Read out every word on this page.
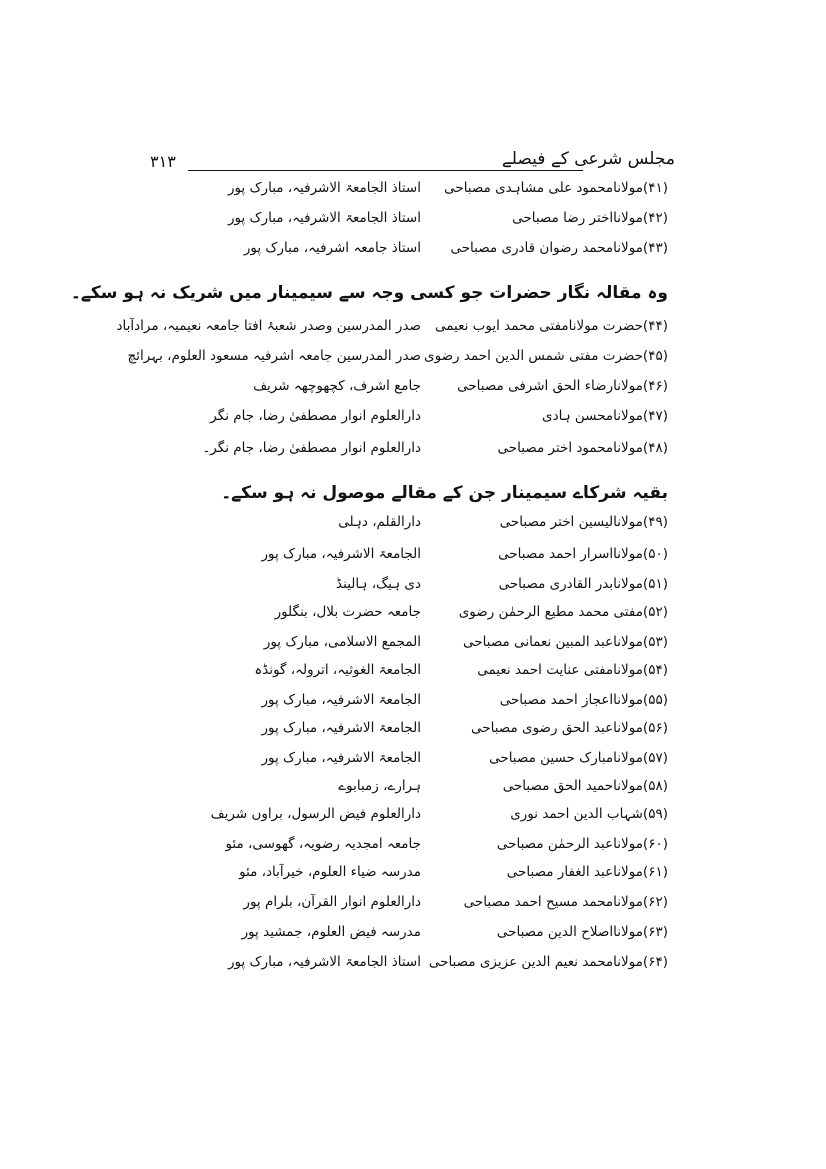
مجلس شرعی کے فیصلے
۳۱۳
(۴۱)مولانامحمود علی مشاہدی مصباحی
استاذ الجامعۃ الاشرفیہ، مبارک پور
(۴۲)مولانااختر رضا مصباحی
استاذ الجامعۃ الاشرفیہ، مبارک پور
(۴۳)مولانامحمد رضوان قادری مصباحی
استاذ جامعہ اشرفیہ، مبارک پور
وہ مقالہ نگار حضرات جو کسی وجہ سے سیمینار میں شریک نہ ہو سکے۔
(۴۴)حضرت مولانامفتی محمد ایوب نعیمی
صدر المدرسین وصدر شعبۂ افتا جامعہ نعیمیہ، مرادآباد
(۴۵)حضرت مفتی شمس الدین احمد رضوی
صدر المدرسین جامعہ اشرفیہ مسعود العلوم، بہرائچ
(۴۶)مولانارضاء الحق اشرفی مصباحی
جامع اشرف، کچھوچھہ شریف
(۴۷)مولانامحسن ہادی
دارالعلوم انوار مصطفیٰ رضا، جام نگر
(۴۸)مولانامحمود اختر مصباحی
دارالعلوم انوار مصطفیٰ رضا، جام نگر۔
بقیہ شرکاے سیمینار جن کے مقالے موصول نہ ہو سکے۔
(۴۹)مولانالیسین اختر مصباحی
دارالقلم، دہلی
(۵۰)مولانااسرار احمد مصباحی
الجامعۃ الاشرفیہ، مبارک پور
(۵۱)مولانابدر القادری مصباحی
دی ہیگ، ہالینڈ
(۵۲)مفتی محمد مطیع الرحمٰن رضوی
جامعہ حضرت بلال، بنگلور
(۵۳)مولاناعبد المبین نعمانی مصباحی
المجمع الاسلامی، مبارک پور
(۵۴)مولانامفتی عنایت احمد نعیمی
الجامعۃ الغوثیہ، اترولہ، گونڈہ
(۵۵)مولانااعجاز احمد مصباحی
الجامعۃ الاشرفیہ، مبارک پور
(۵۶)مولاناعبد الحق رضوی مصباحی
الجامعۃ الاشرفیہ، مبارک پور
(۵۷)مولانامبارک حسین مصباحی
الجامعۃ الاشرفیہ، مبارک پور
(۵۸)مولاناحمید الحق مصباحی
ہرارے، زمبابوے
(۵۹)شہاب الدین احمد نوری
دارالعلوم فیض الرسول، براوں شریف
(۶۰)مولاناعبد الرحمٰن مصباحی
جامعہ امجدیہ رضویہ، گھوسی، مئو
(۶۱)مولاناعبد الغفار مصباحی
مدرسہ ضیاء العلوم، خیرآباد، مئو
(۶۲)مولانامحمد مسیح احمد مصباحی
دارالعلوم انوار القرآن، بلرام پور
(۶۳)مولانااصلاح الدین مصباحی
مدرسہ فیض العلوم، جمشید پور
(۶۴)مولانامحمد نعیم الدین عزیزی مصباحی
استاذ الجامعۃ الاشرفیہ، مبارک پور
